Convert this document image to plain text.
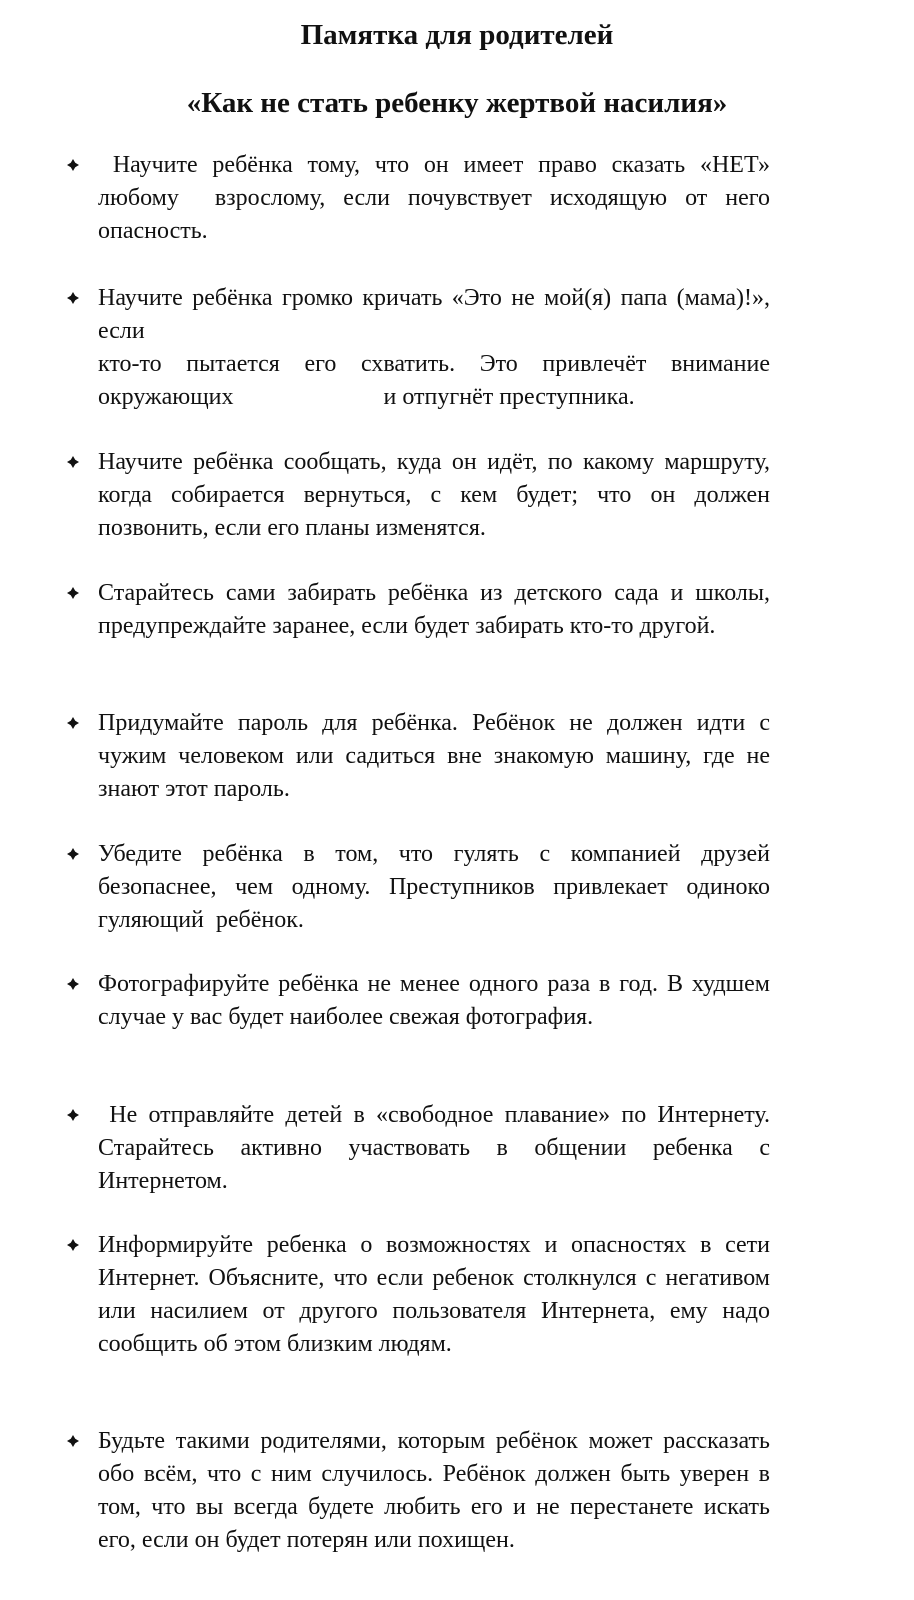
Памятка для родителей
«Как не стать ребенку жертвой насилия»
Научите ребёнка тому, что он имеет право сказать «НЕТ» любому  взрослому, если почувствует исходящую от него опасность.
Научите ребёнка громко кричать «Это не мой(я) папа (мама)!», если
кто-то пытается его схватить. Это привлечёт внимание окружающих                         и отпугнёт преступника.
Научите ребёнка сообщать, куда он идёт, по какому маршруту, когда собирается вернуться, с кем будет; что он должен позвонить, если его планы изменятся.
Старайтесь сами забирать ребёнка из детского сада и школы, предупреждайте заранее, если будет забирать кто-то другой.
Придумайте пароль для ребёнка. Ребёнок не должен идти с чужим человеком или садиться вне знакомую машину, где не знают этот пароль.
Убедите ребёнка в том, что гулять с компанией друзей безопаснее, чем одному. Преступников привлекает одиноко гуляющий  ребёнок.
Фотографируйте ребёнка не менее одного раза в год. В худшем случае у вас будет наиболее свежая фотография.
Не отправляйте детей в «свободное плавание» по Интернету. Старайтесь активно участвовать в общении ребенка с Интернетом.
Информируйте ребенка о возможностях и опасностях в сети Интернет. Объясните, что если ребенок столкнулся с негативом или насилием от другого пользователя Интернета, ему надо сообщить об этом близким людям.
Будьте такими родителями, которым ребёнок может рассказать обо всём, что с ним случилось. Ребёнок должен быть уверен в том, что вы всегда будете любить его и не перестанете искать его, если он будет потерян или похищен.
